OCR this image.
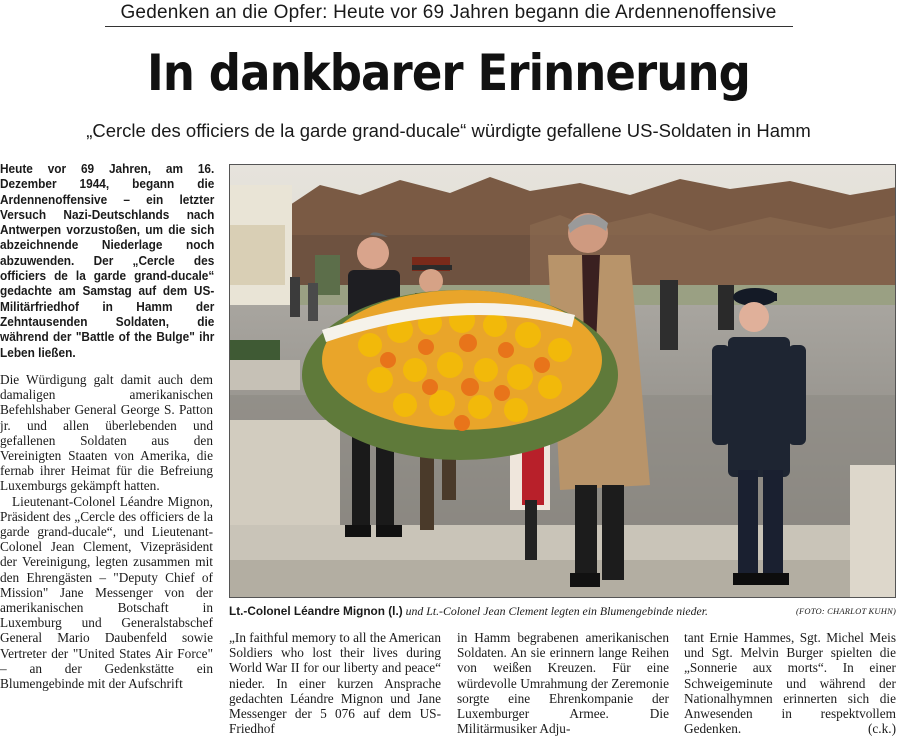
Gedenken an die Opfer: Heute vor 69 Jahren begann die Ardennenoffensive
In dankbarer Erinnerung
„Cercle des officiers de la garde grand-ducale“ würdigte gefallene US-Soldaten in Hamm
Heute vor 69 Jahren, am 16. Dezember 1944, begann die Ardennenoffensive – ein letzter Versuch Nazi-Deutschlands nach Antwerpen vorzustoßen, um die sich abzeichnende Niederlage noch abzuwenden. Der „Cercle des officiers de la garde grand-ducale“ gedachte am Samstag auf dem US-Militärfriedhof in Hamm der Zehntausenden Soldaten, die während der "Battle of the Bulge" ihr Leben ließen.

Die Würdigung galt damit auch dem damaligen amerikanischen Befehlshaber General George S. Patton jr. und allen überlebenden und gefallenen Soldaten aus den Vereinigten Staaten von Amerika, die fernab ihrer Heimat für die Befreiung Luxemburgs gekämpft hatten.

Lieutenant-Colonel Léandre Mignon, Präsident des „Cercle des officiers de la garde grand-ducale“, und Lieutenant-Colonel Jean Clement, Vizepräsident der Vereinigung, legten zusammen mit den Ehrengästen – "Deputy Chief of Mission" Jane Messenger von der amerikanischen Botschaft in Luxemburg und Generalstabschef General Mario Daubenfeld sowie Vertreter der "United States Air Force" – an der Gedenkstätte ein Blumengebinde mit der Aufschrift

Lt.-Colonel Léandre Mignon (l.) und Lt.-Colonel Jean Clement legten ein Blumengebinde nieder.	(FOTO: CHARLOT KUHN)
„In faithful memory to all the American Soldiers who lost their lives during World War II for our liberty and peace“ nieder. In einer kurzen Ansprache gedachten Léandre Mignon und Jane Messenger der 5 076 auf dem US-Friedhof
in Hamm begrabenen amerikanischen Soldaten. An sie erinnern lange Reihen von weißen Kreuzen. Für eine würdevolle Umrahmung der Zeremonie sorgte eine Ehrenkompanie der Luxemburger Armee. Die Militärmusiker Adju-
tant Ernie Hammes, Sgt. Michel Meis und Sgt. Melvin Burger spielten die „Sonnerie aux morts“. In einer Schweigeminute und während der Nationalhymnen erinnerten sich die Anwesenden in respektvollem Gedenken.	(c.k.)
